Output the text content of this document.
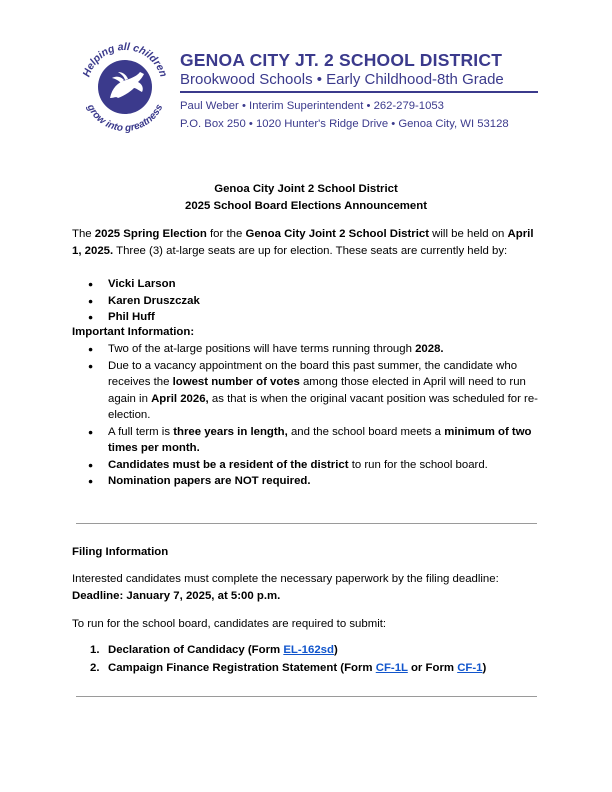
Helping all children
grow into greatness
GENOA CITY JT. 2 SCHOOL DISTRICT
Brookwood Schools • Early Childhood-8th Grade
Paul Weber • Interim Superintendent • 262-279-1053
P.O. Box 250 • 1020 Hunter's Ridge Drive • Genoa City, WI 53128
Genoa City Joint 2 School District
2025 School Board Elections Announcement
The 2025 Spring Election for the Genoa City Joint 2 School District will be held on April 1, 2025. Three (3) at-large seats are up for election. These seats are currently held by:
● Vicki Larson
● Karen Druszczak
● Phil Huff
Important Information:
● Two of the at-large positions will have terms running through 2028.
● Due to a vacancy appointment on the board this past summer, the candidate who receives the lowest number of votes among those elected in April will need to run again in April 2026, as that is when the original vacant position was scheduled for re-election.
● A full term is three years in length, and the school board meets a minimum of two times per month.
● Candidates must be a resident of the district to run for the school board.
● Nomination papers are NOT required.
Filing Information
Interested candidates must complete the necessary paperwork by the filing deadline:
Deadline: January 7, 2025, at 5:00 p.m.
To run for the school board, candidates are required to submit:
1. Declaration of Candidacy (Form EL-162sd)
2. Campaign Finance Registration Statement (Form CF-1L or Form CF-1)
